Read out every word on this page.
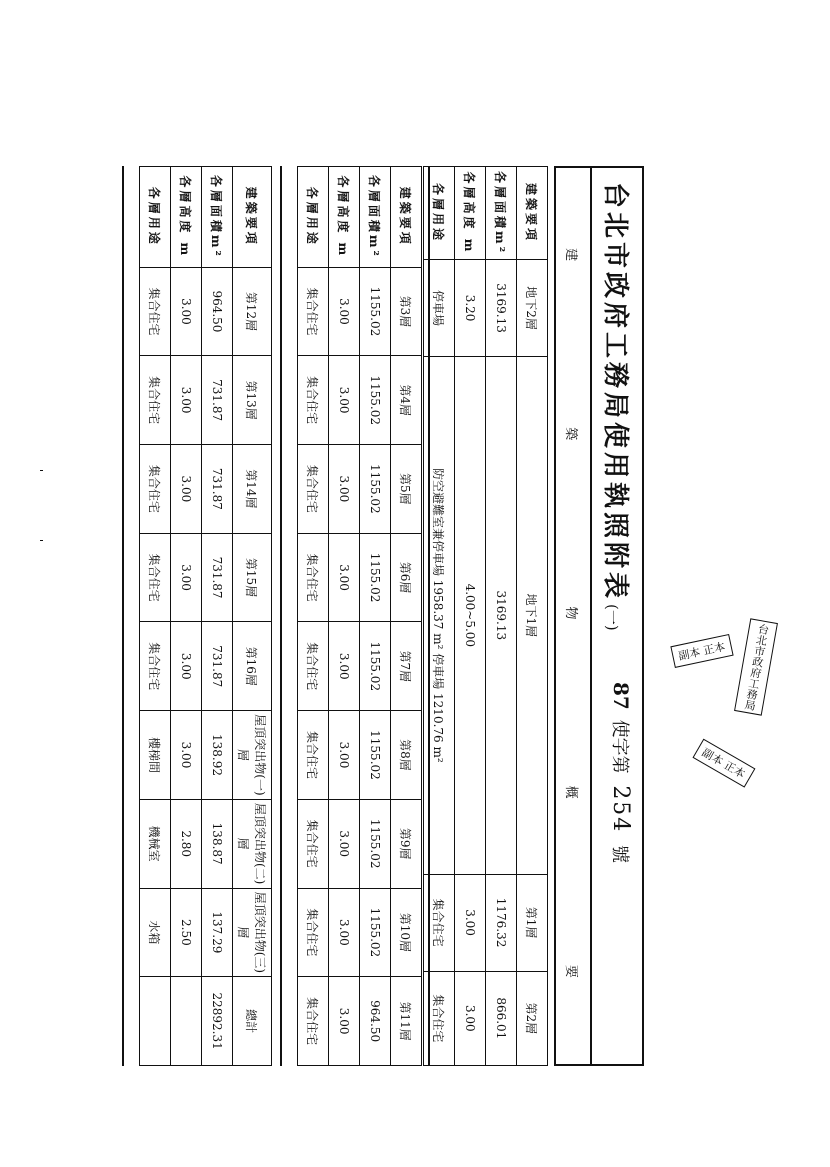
台北市政府工務局使用執照附表(一)
87 使字第 254 號
建
築
物
概
要
建築要項	地下2層	地下1層	第1層	第2層
各層面積m²	3169.13	3169.13	1176.32	866.01
各層高度 m	3.20	4.00~5.00	3.00	3.00
各層用途	停車場	防空避難室兼停車場 1958.37 m² 停車場 1210.76 m²	集合住宅	集合住宅
建築要項	第3層	第4層	第5層	第6層	第7層	第8層	第9層	第10層	第11層
各層面積m²	1155.02	1155.02	1155.02	1155.02	1155.02	1155.02	1155.02	1155.02	964.50
各層高度 m	3.00	3.00	3.00	3.00	3.00	3.00	3.00	3.00	3.00
各層用途	集合住宅	集合住宅	集合住宅	集合住宅	集合住宅	集合住宅	集合住宅	集合住宅	集合住宅
建築要項	第12層	第13層	第14層	第15層	第16層	屋頂突出物(一)層	屋頂突出物(二)層	屋頂突出物(三)層	總計
各層面積m²	964.50	731.87	731.87	731.87	731.87	138.92	138.87	137.29	22892.31
各層高度 m	3.00	3.00	3.00	3.00	3.00	3.00	2.80	2.50	
各層用途	集合住宅	集合住宅	集合住宅	集合住宅	集合住宅	樓梯間	機械室	水箱	
副本 正本
副本 正本
台北市政府工務局
